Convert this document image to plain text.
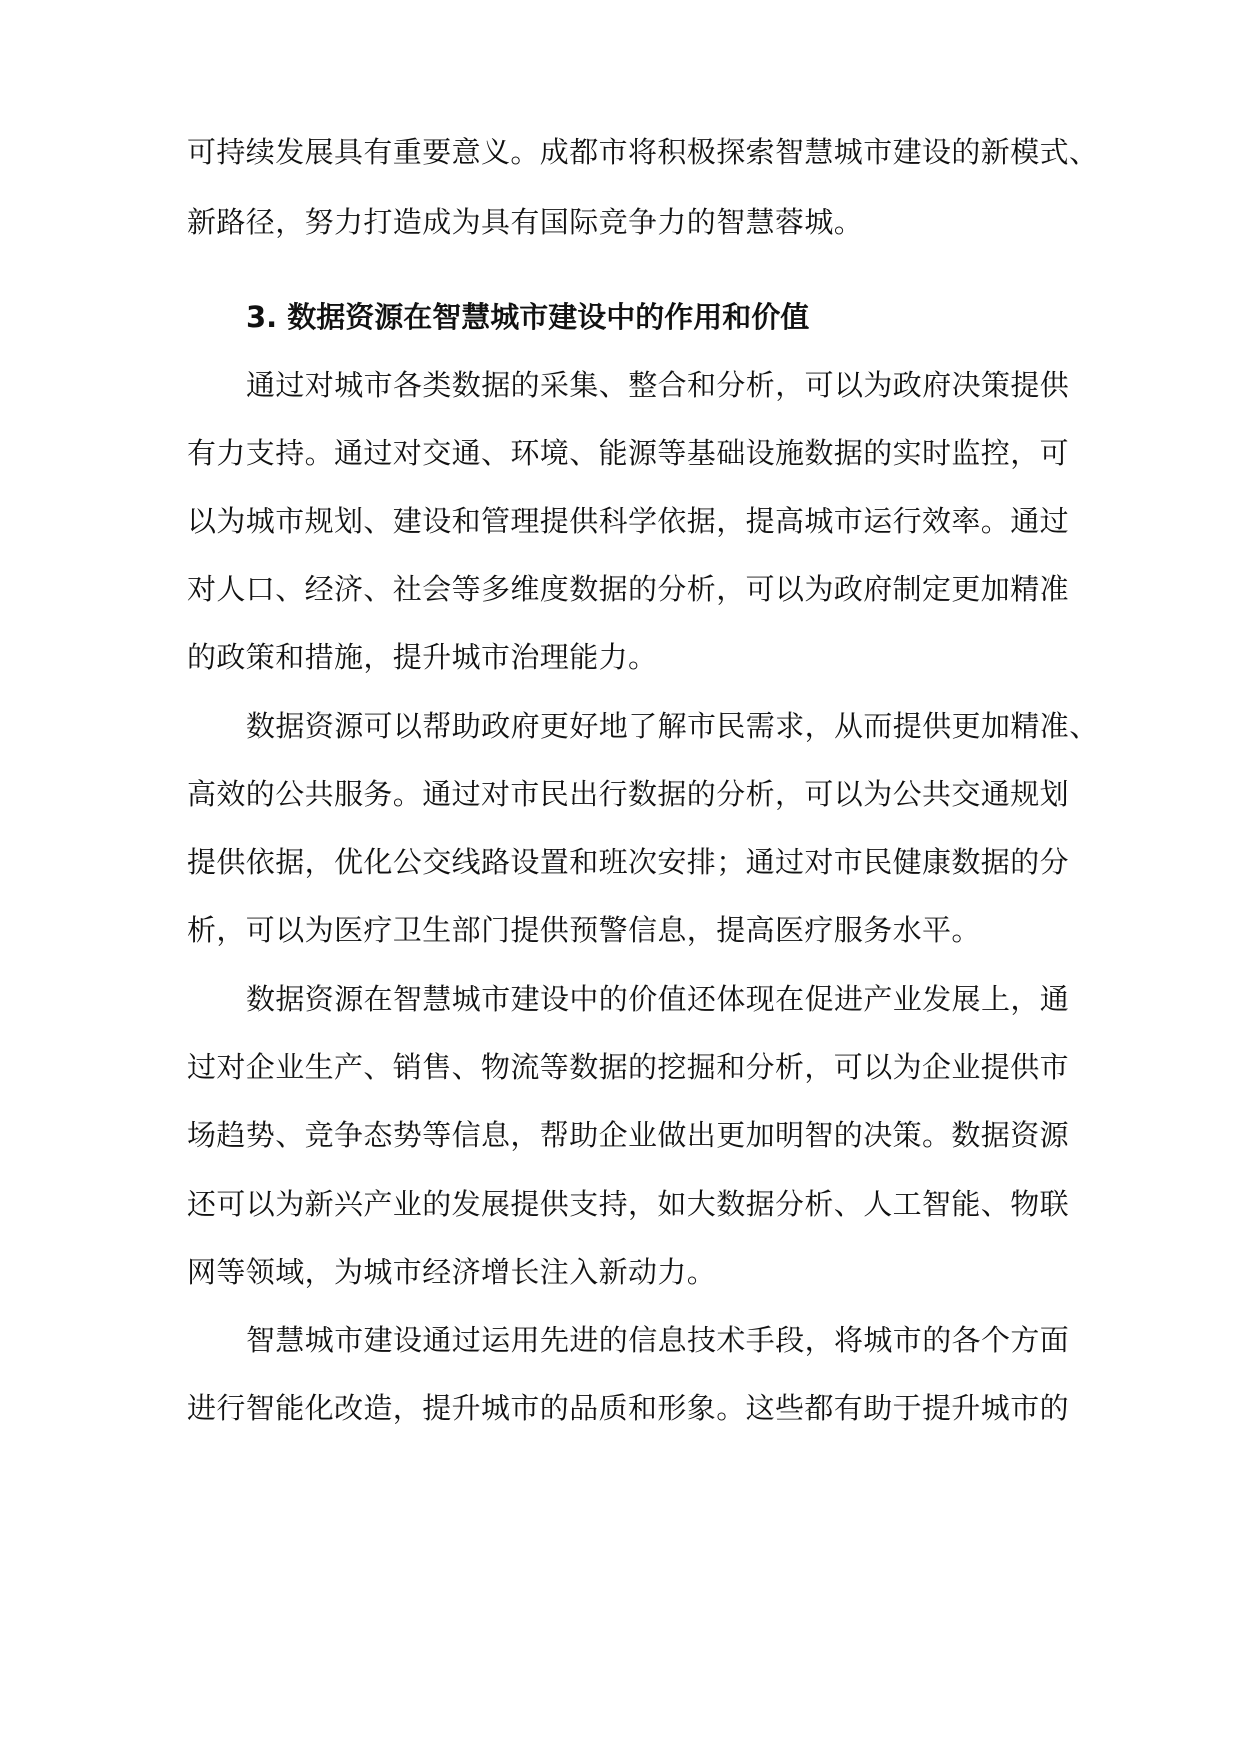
可持续发展具有重要意义。成都市将积极探索智慧城市建设的新模式、
新路径，努力打造成为具有国际竞争力的智慧蓉城。
3. 数据资源在智慧城市建设中的作用和价值
通过对城市各类数据的采集、整合和分析，可以为政府决策提供
有力支持。通过对交通、环境、能源等基础设施数据的实时监控，可
以为城市规划、建设和管理提供科学依据，提高城市运行效率。通过
对人口、经济、社会等多维度数据的分析，可以为政府制定更加精准
的政策和措施，提升城市治理能力。
数据资源可以帮助政府更好地了解市民需求，从而提供更加精准、
高效的公共服务。通过对市民出行数据的分析，可以为公共交通规划
提供依据，优化公交线路设置和班次安排；通过对市民健康数据的分
析，可以为医疗卫生部门提供预警信息，提高医疗服务水平。
数据资源在智慧城市建设中的价值还体现在促进产业发展上，通
过对企业生产、销售、物流等数据的挖掘和分析，可以为企业提供市
场趋势、竞争态势等信息，帮助企业做出更加明智的决策。数据资源
还可以为新兴产业的发展提供支持，如大数据分析、人工智能、物联
网等领域，为城市经济增长注入新动力。
智慧城市建设通过运用先进的信息技术手段，将城市的各个方面
进行智能化改造，提升城市的品质和形象。这些都有助于提升城市的
